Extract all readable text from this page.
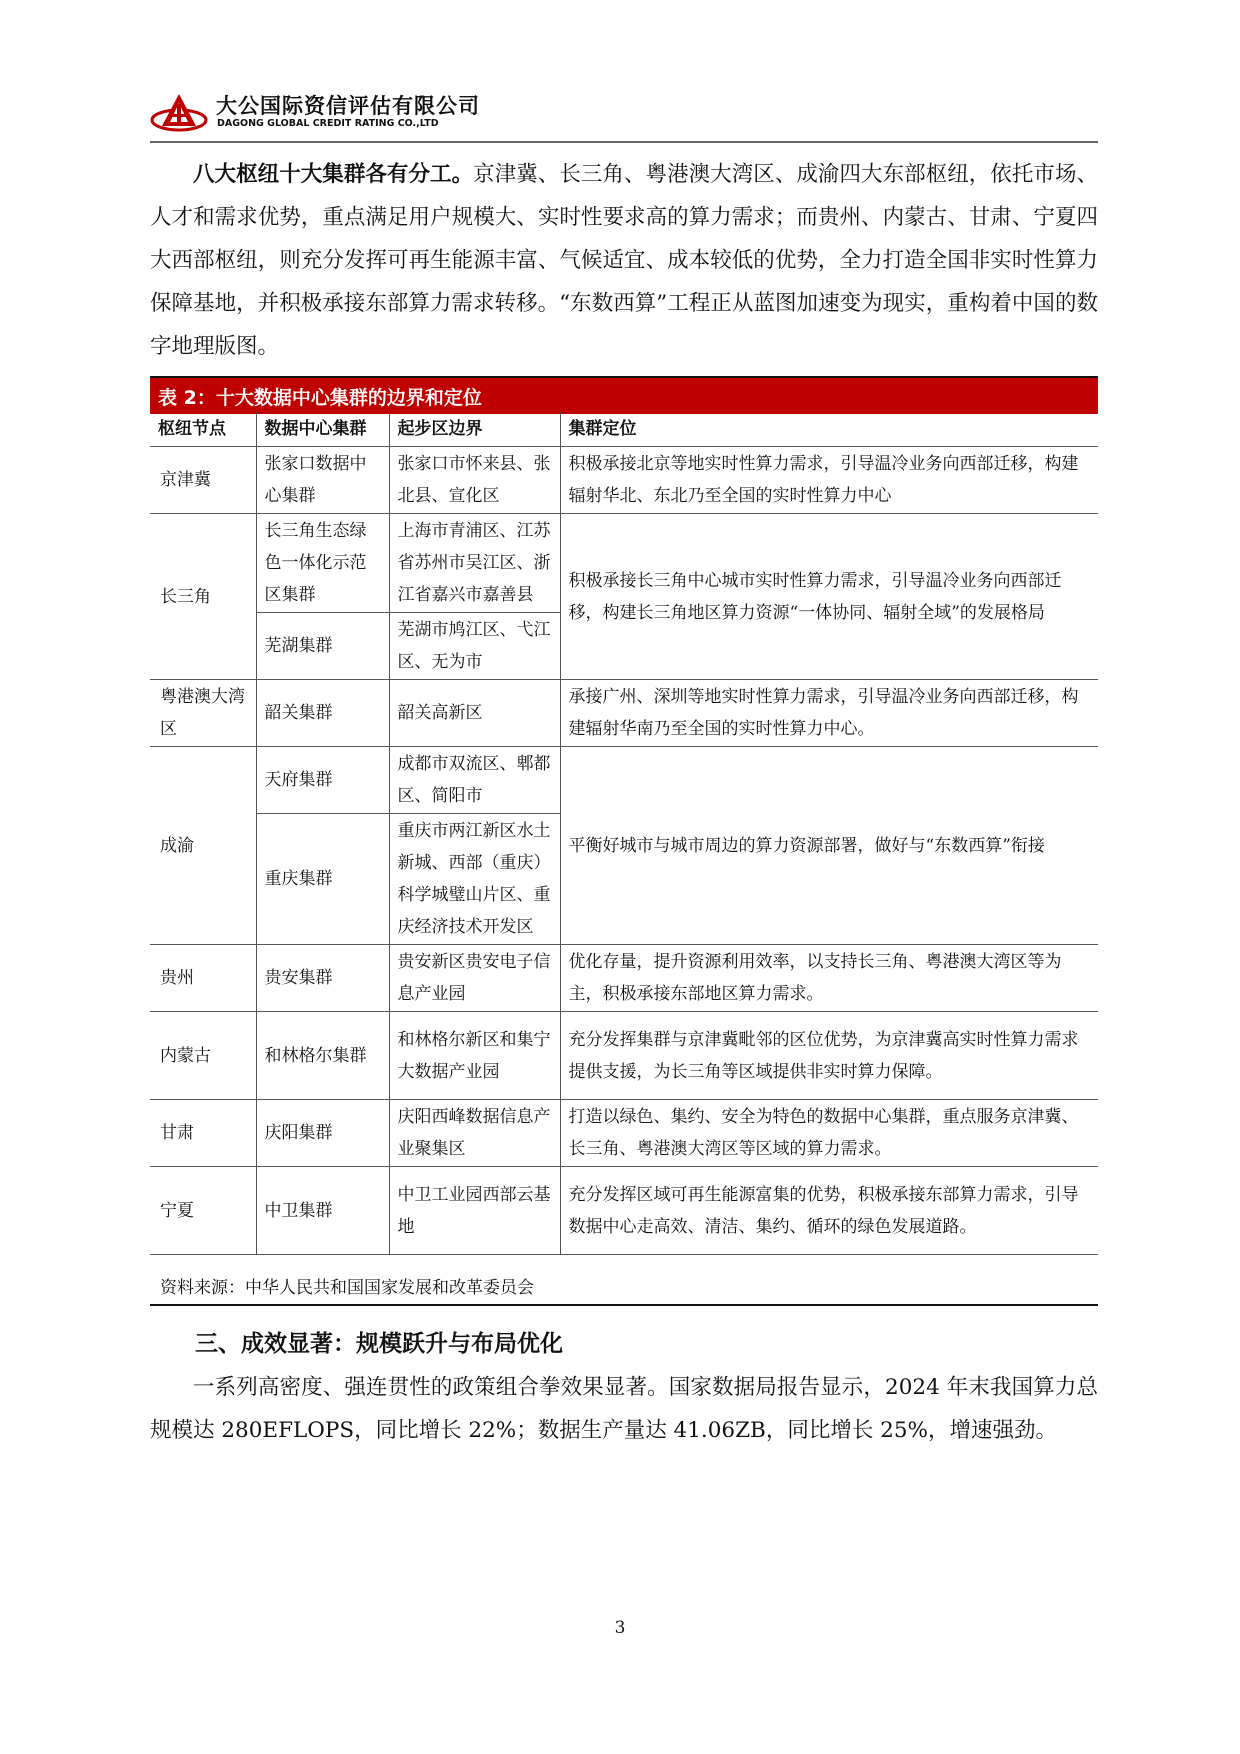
大公国际资信评估有限公司
DAGONG GLOBAL CREDIT RATING CO.,LTD

八大枢纽十大集群各有分工。京津冀、长三角、粤港澳大湾区、成渝四大东部枢纽，依托市场、人才和需求优势，重点满足用户规模大、实时性要求高的算力需求；而贵州、内蒙古、甘肃、宁夏四大西部枢纽，则充分发挥可再生能源丰富、气候适宜、成本较低的优势，全力打造全国非实时性算力保障基地，并积极承接东部算力需求转移。“东数西算”工程正从蓝图加速变为现实，重构着中国的数字地理版图。

表 2：十大数据中心集群的边界和定位
枢纽节点	数据中心集群	起步区边界	集群定位
京津冀	张家口数据中心集群	张家口市怀来县、张北县、宣化区	积极承接北京等地实时性算力需求，引导温冷业务向西部迁移，构建辐射华北、东北乃至全国的实时性算力中心
长三角	长三角生态绿色一体化示范区集群	上海市青浦区、江苏省苏州市吴江区、浙江省嘉兴市嘉善县	积极承接长三角中心城市实时性算力需求，引导温冷业务向西部迁移，构建长三角地区算力资源“一体协同、辐射全域”的发展格局
	芜湖集群	芜湖市鸠江区、弋江区、无为市	
粤港澳大湾区	韶关集群	韶关高新区	承接广州、深圳等地实时性算力需求，引导温冷业务向西部迁移，构建辐射华南乃至全国的实时性算力中心。
成渝	天府集群	成都市双流区、郫都区、简阳市	平衡好城市与城市周边的算力资源部署，做好与“东数西算”衔接
	重庆集群	重庆市两江新区水土新城、西部（重庆）科学城璧山片区、重庆经济技术开发区	
贵州	贵安集群	贵安新区贵安电子信息产业园	优化存量，提升资源利用效率，以支持长三角、粤港澳大湾区等为主，积极承接东部地区算力需求。
内蒙古	和林格尔集群	和林格尔新区和集宁大数据产业园	充分发挥集群与京津冀毗邻的区位优势，为京津冀高实时性算力需求提供支援，为长三角等区域提供非实时算力保障。
甘肃	庆阳集群	庆阳西峰数据信息产业聚集区	打造以绿色、集约、安全为特色的数据中心集群，重点服务京津冀、长三角、粤港澳大湾区等区域的算力需求。
宁夏	中卫集群	中卫工业园西部云基地	充分发挥区域可再生能源富集的优势，积极承接东部算力需求，引导数据中心走高效、清洁、集约、循环的绿色发展道路。
资料来源：中华人民共和国国家发展和改革委员会
三、成效显著：规模跃升与布局优化

一系列高密度、强连贯性的政策组合拳效果显著。国家数据局报告显示，2024 年末我国算力总规模达 280EFLOPS，同比增长 22%；数据生产量达 41.06ZB，同比增长 25%，增速强劲。

3
